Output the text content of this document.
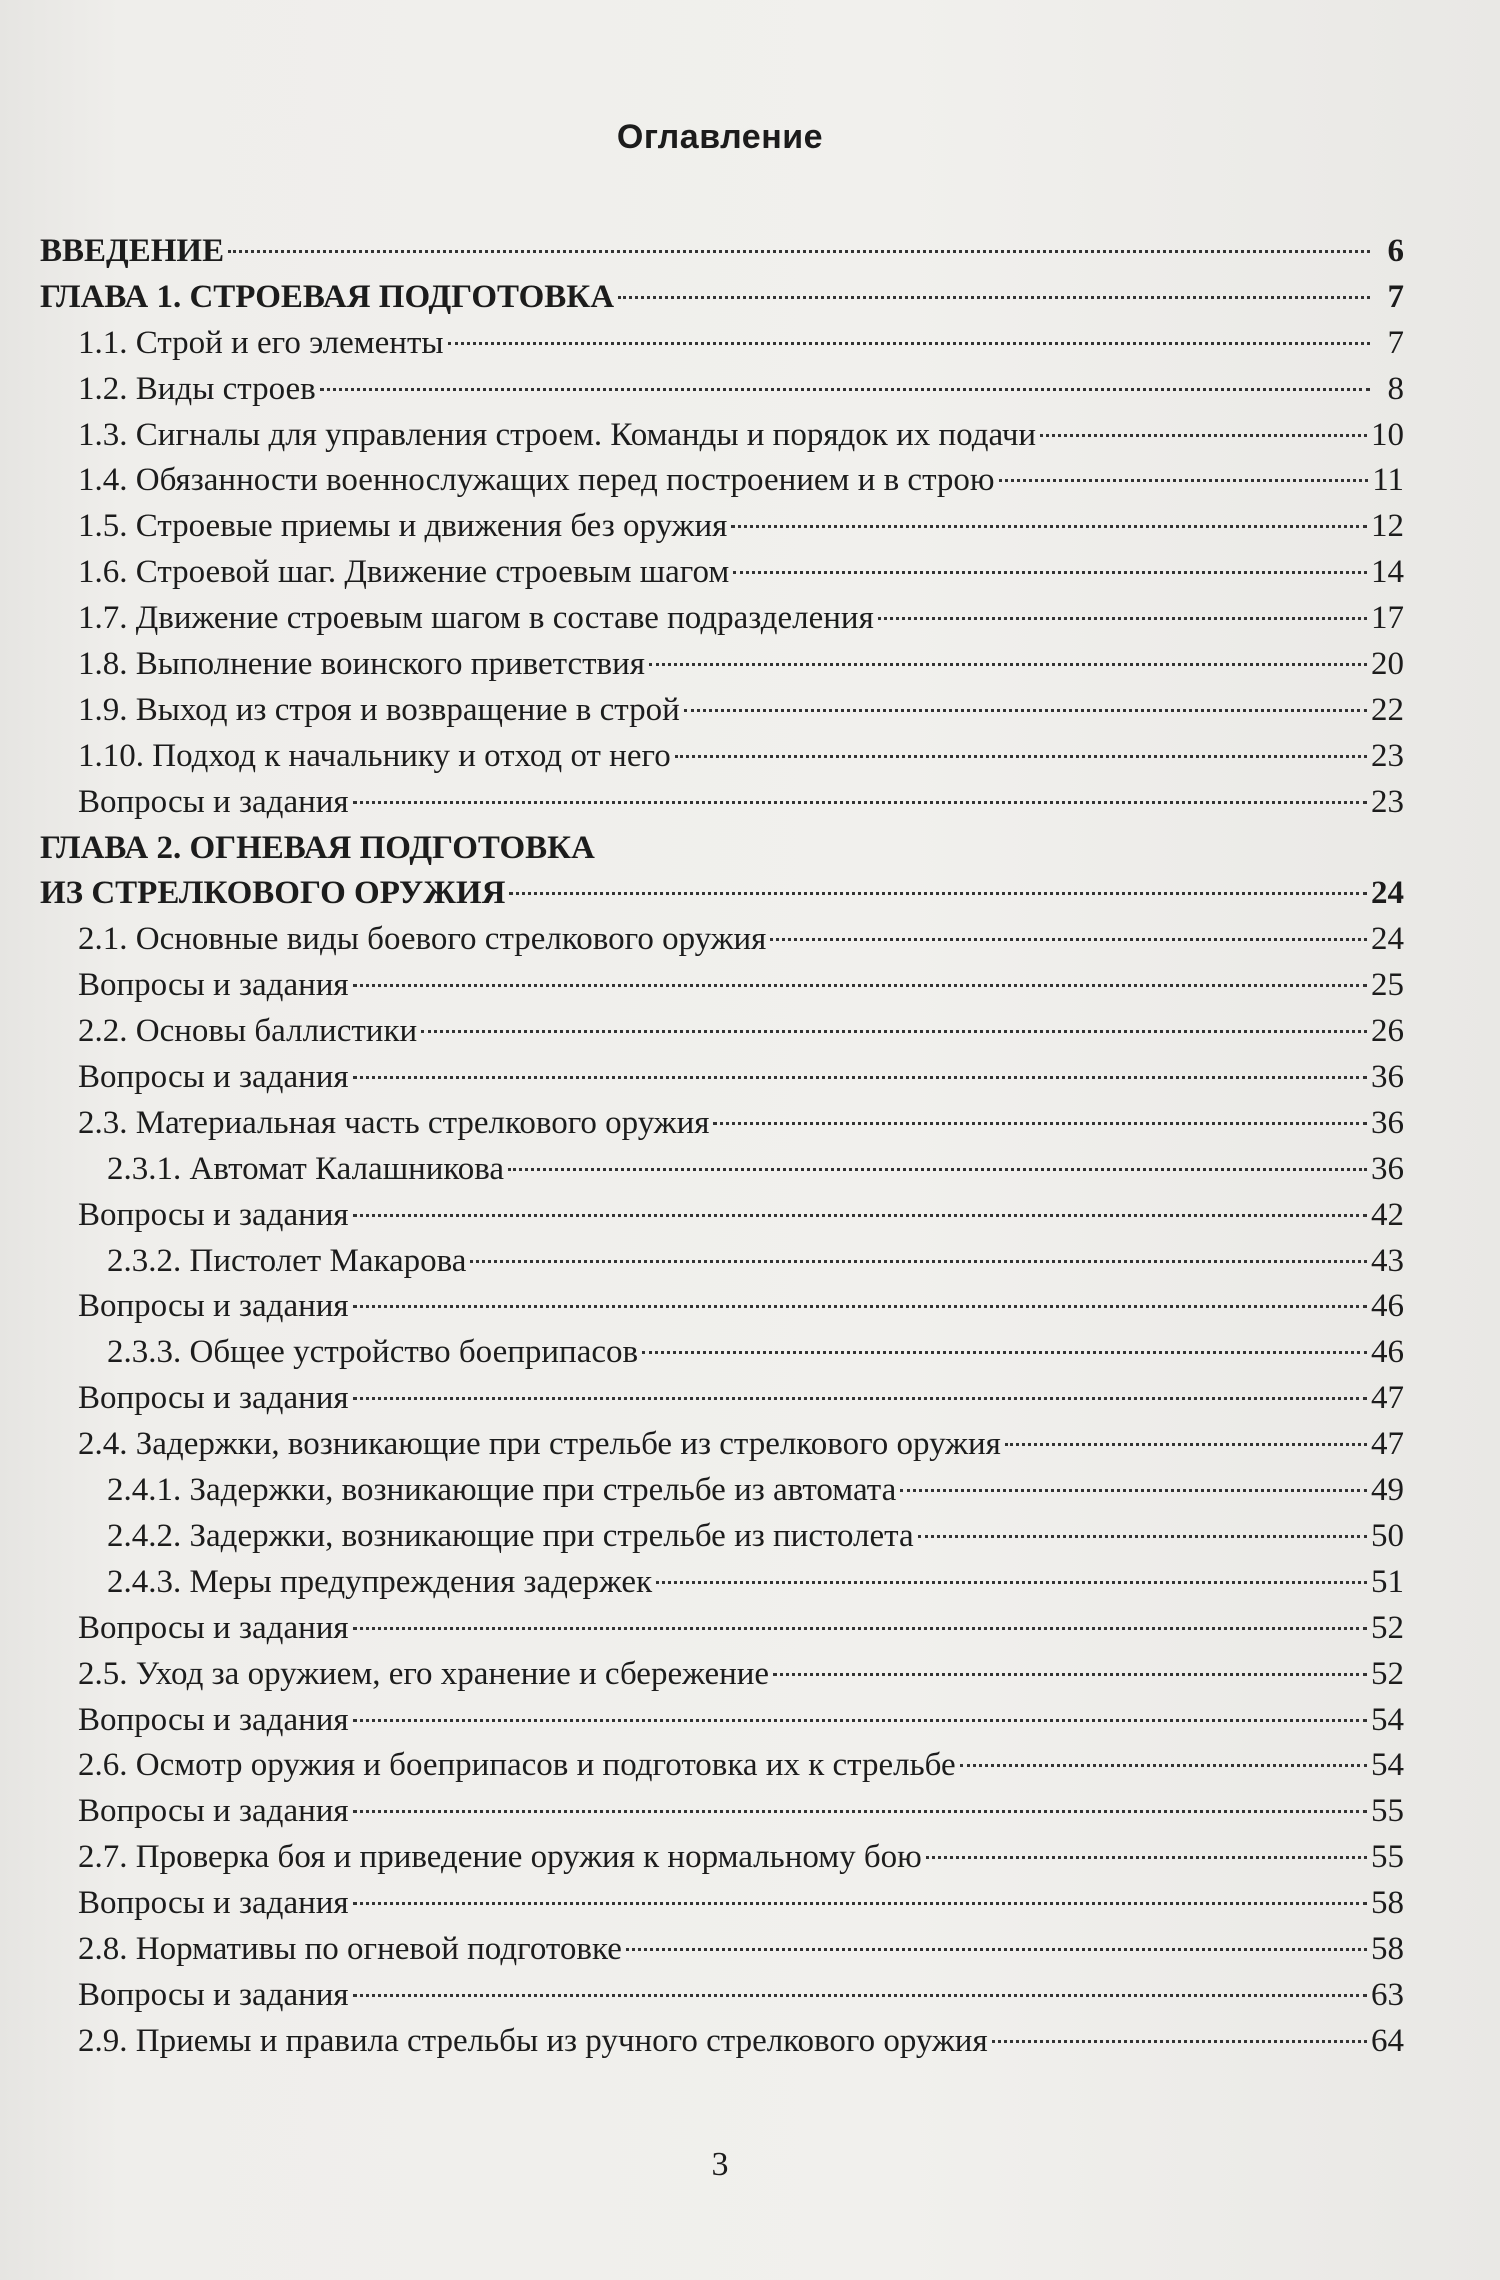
Оглавление
ВВЕДЕНИЕ	6
ГЛАВА 1. СТРОЕВАЯ ПОДГОТОВКА	7
1.1. Строй и его элементы	7
1.2. Виды строев	8
1.3. Сигналы для управления строем. Команды и порядок их подачи	10
1.4. Обязанности военнослужащих перед построением и в строю	11
1.5. Строевые приемы и движения без оружия	12
1.6. Строевой шаг. Движение строевым шагом	14
1.7. Движение строевым шагом в составе подразделения	17
1.8. Выполнение воинского приветствия	20
1.9. Выход из строя и возвращение в строй	22
1.10. Подход к начальнику и отход от него	23
Вопросы и задания	23
ГЛАВА 2. ОГНЕВАЯ ПОДГОТОВКА
ИЗ СТРЕЛКОВОГО ОРУЖИЯ	24
2.1. Основные виды боевого стрелкового оружия	24
Вопросы и задания	25
2.2. Основы баллистики	26
Вопросы и задания	36
2.3. Материальная часть стрелкового оружия	36
2.3.1. Автомат Калашникова	36
Вопросы и задания	42
2.3.2. Пистолет Макарова	43
Вопросы и задания	46
2.3.3. Общее устройство боеприпасов	46
Вопросы и задания	47
2.4. Задержки, возникающие при стрельбе из стрелкового оружия	47
2.4.1. Задержки, возникающие при стрельбе из автомата	49
2.4.2. Задержки, возникающие при стрельбе из пистолета	50
2.4.3. Меры предупреждения задержек	51
Вопросы и задания	52
2.5. Уход за оружием, его хранение и сбережение	52
Вопросы и задания	54
2.6. Осмотр оружия и боеприпасов и подготовка их к стрельбе	54
Вопросы и задания	55
2.7. Проверка боя и приведение оружия к нормальному бою	55
Вопросы и задания	58
2.8. Нормативы по огневой подготовке	58
Вопросы и задания	63
2.9. Приемы и правила стрельбы из ручного стрелкового оружия	64
3
